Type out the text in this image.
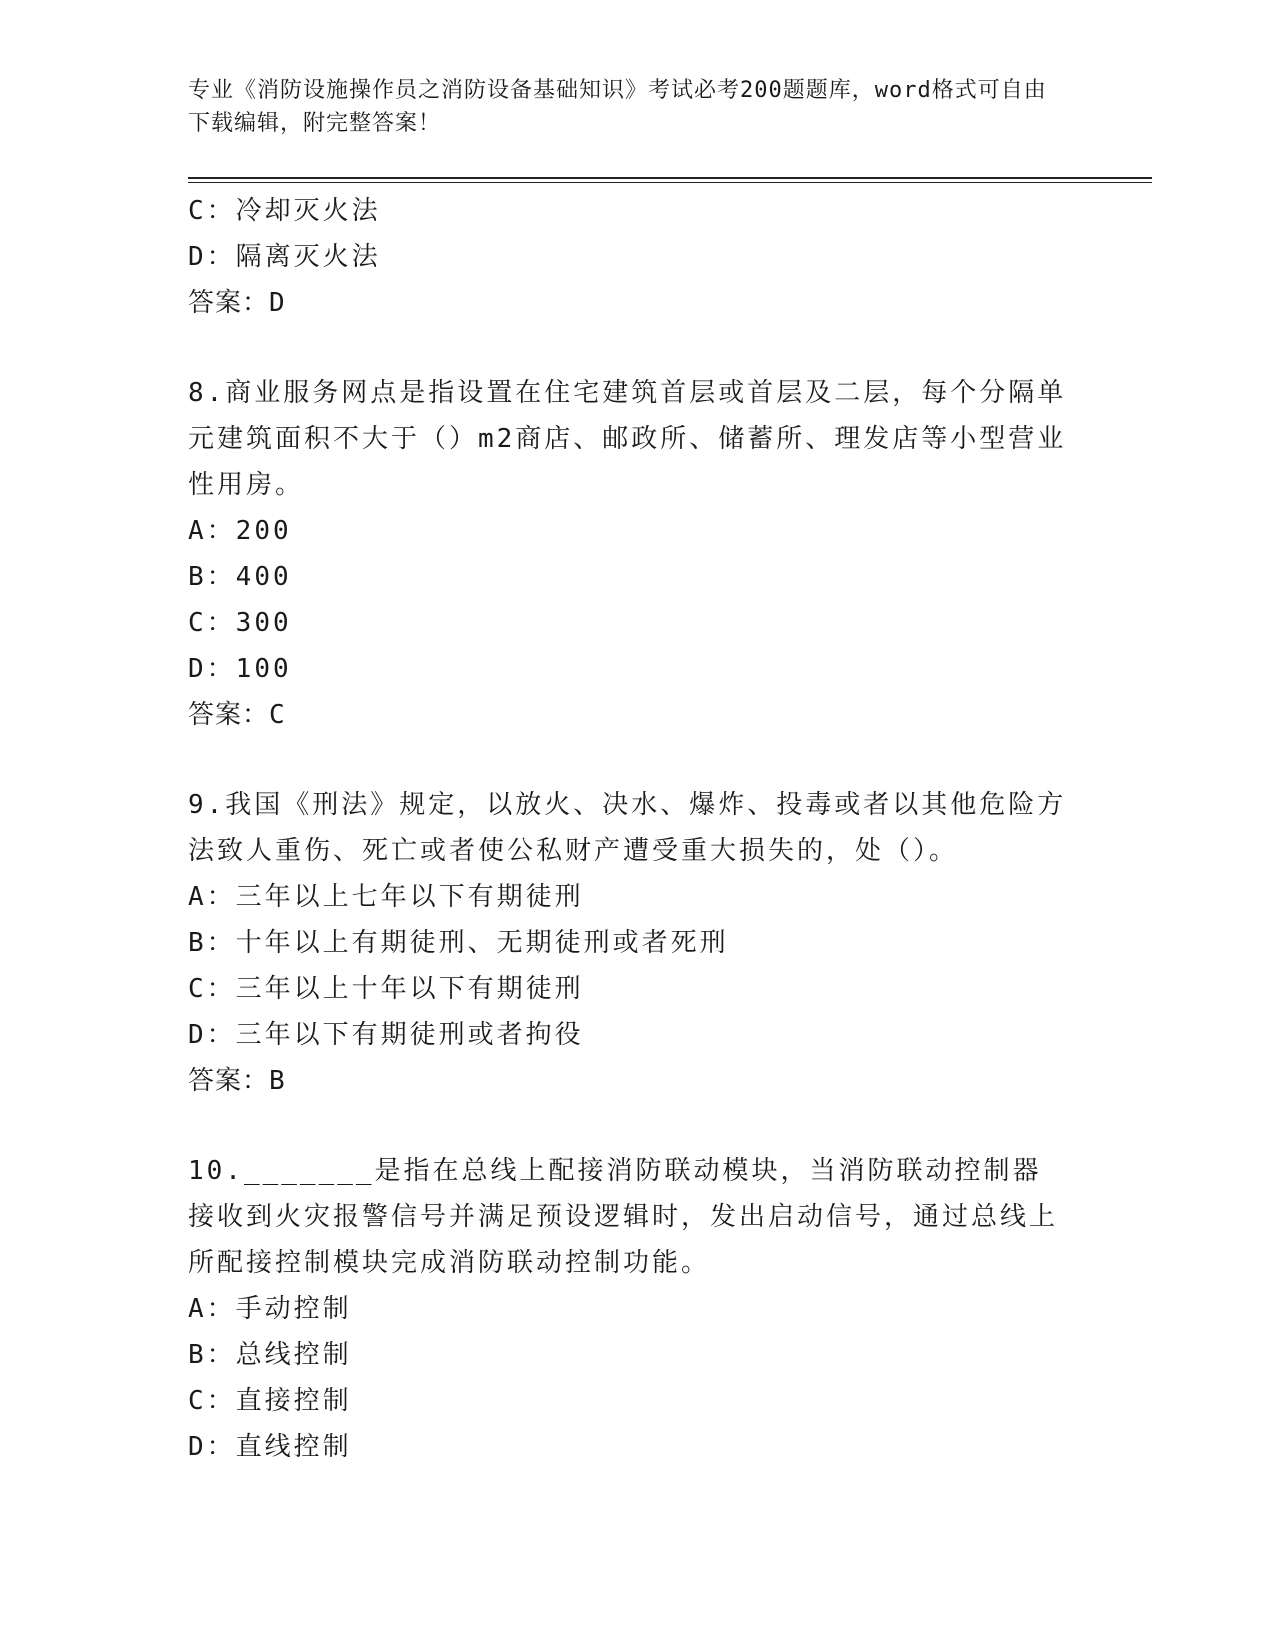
专业《消防设施操作员之消防设备基础知识》考试必考200题题库，word格式可自由下载编辑，附完整答案！
C：冷却灭火法
D：隔离灭火法
答案：D
8.商业服务网点是指设置在住宅建筑首层或首层及二层，每个分隔单元建筑面积不大于（）m2商店、邮政所、储蓄所、理发店等小型营业性用房。
A：200
B：400
C：300
D：100
答案：C
9.我国《刑法》规定，以放火、决水、爆炸、投毒或者以其他危险方法致人重伤、死亡或者使公私财产遭受重大损失的，处（）。
A：三年以上七年以下有期徒刑
B：十年以上有期徒刑、无期徒刑或者死刑
C：三年以上十年以下有期徒刑
D：三年以下有期徒刑或者拘役
答案：B
10._______是指在总线上配接消防联动模块，当消防联动控制器接收到火灾报警信号并满足预设逻辑时，发出启动信号，通过总线上所配接控制模块完成消防联动控制功能。
A：手动控制
B：总线控制
C：直接控制
D：直线控制
